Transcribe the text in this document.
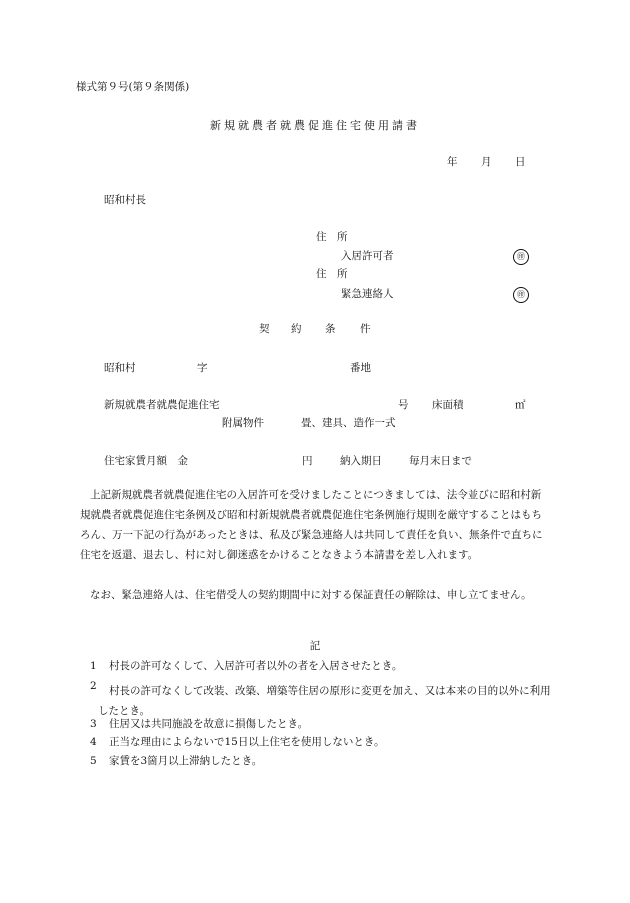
様式第９号(第９条関係)
新規就農者就農促進住宅使用請書
年 月 日
昭和村長
住　所
入居許可者	㊞
住　所
緊急連絡人	㊞
契 約 条 件
昭和村	字	番地
新規就農者就農促進住宅	号 床面積	㎡
附属物件	畳、建具、造作一式
住宅家賃月額　金	円	納入期日	毎月末日まで
上記新規就農者就農促進住宅の入居許可を受けましたことにつきましては、法令並びに昭和村新規就農者就農促進住宅条例及び昭和村新規就農者就農促進住宅条例施行規則を厳守することはもちろん、万一下記の行為があったときは、私及び緊急連絡人は共同して責任を負い、無条件で直ちに住宅を返還、退去し、村に対し御迷惑をかけることなきよう本請書を差し入れます。
なお、緊急連絡人は、住宅借受人の契約期間中に対する保証責任の解除は、申し立てません。
記
1 村長の許可なくして、入居許可者以外の者を入居させたとき。
2	村長の許可なくして改装、改築、増築等住居の原形に変更を加え、又は本来の目的以外に利用したとき。
3 住居又は共同施設を故意に損傷したとき。
4 正当な理由によらないで15日以上住宅を使用しないとき。
5 家賃を3箇月以上滞納したとき。
